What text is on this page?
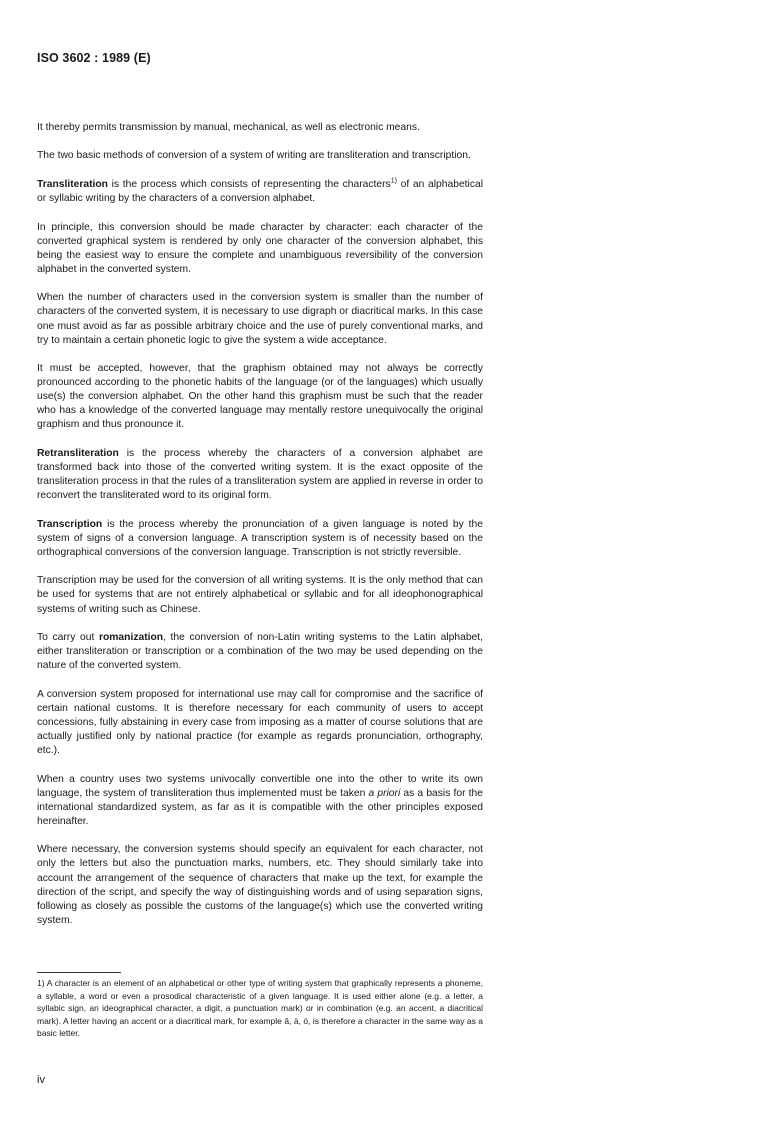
ISO 3602 : 1989 (E)

It thereby permits transmission by manual, mechanical, as well as electronic means.

The two basic methods of conversion of a system of writing are transliteration and transcription.

Transliteration is the process which consists of representing the characters$^{1)}$ of an alphabetical or syllabic writing by the characters of a conversion alphabet.

In principle, this conversion should be made character by character: each character of the converted graphical system is rendered by only one character of the conversion alphabet, this being the easiest way to ensure the complete and unambiguous reversibility of the conversion alphabet in the converted system.

When the number of characters used in the conversion system is smaller than the number of characters of the converted system, it is necessary to use digraph or diacritical marks. In this case one must avoid as far as possible arbitrary choice and the use of purely conventional marks, and try to maintain a certain phonetic logic to give the system a wide acceptance.

It must be accepted, however, that the graphism obtained may not always be correctly pronounced according to the phonetic habits of the language (or of the languages) which usually use(s) the conversion alphabet. On the other hand this graphism must be such that the reader who has a knowledge of the converted language may mentally restore unequivocally the original graphism and thus pronounce it.

Retransliteration is the process whereby the characters of a conversion alphabet are transformed back into those of the converted writing system. It is the exact opposite of the transliteration process in that the rules of a transliteration system are applied in reverse in order to reconvert the transliterated word to its original form.

Transcription is the process whereby the pronunciation of a given language is noted by the system of signs of a conversion language. A transcription system is of necessity based on the orthographical conversions of the conversion language. Transcription is not strictly reversible.

Transcription may be used for the conversion of all writing systems. It is the only method that can be used for systems that are not entirely alphabetical or syllabic and for all ideophonographical systems of writing such as Chinese.

To carry out romanization, the conversion of non-Latin writing systems to the Latin alphabet, either transliteration or transcription or a combination of the two may be used depending on the nature of the converted system.

A conversion system proposed for international use may call for compromise and the sacrifice of certain national customs. It is therefore necessary for each community of users to accept concessions, fully abstaining in every case from imposing as a matter of course solutions that are actually justified only by national practice (for example as regards pronunciation, orthography, etc.).

When a country uses two systems univocally convertible one into the other to write its own language, the system of transliteration thus implemented must be taken a priori as a basis for the international standardized system, as far as it is compatible with the other principles exposed hereinafter.

Where necessary, the conversion systems should specify an equivalent for each character, not only the letters but also the punctuation marks, numbers, etc. They should similarly take into account the arrangement of the sequence of characters that make up the text, for example the direction of the script, and specify the way of distinguishing words and of using separation signs, following as closely as possible the customs of the language(s) which use the converted writing system.

1) A character is an element of an alphabetical or other type of writing system that graphically represents a phoneme, a syllable, a word or even a prosodical characteristic of a given language. It is used either alone (e.g. a letter, a syllabic sign, an ideographical character, a digit, a punctuation mark) or in combination (e.g. an accent, a diacritical mark). A letter having an accent or a diacritical mark, for example â, à, ö, is therefore a character in the same way as a basic letter.
iv
